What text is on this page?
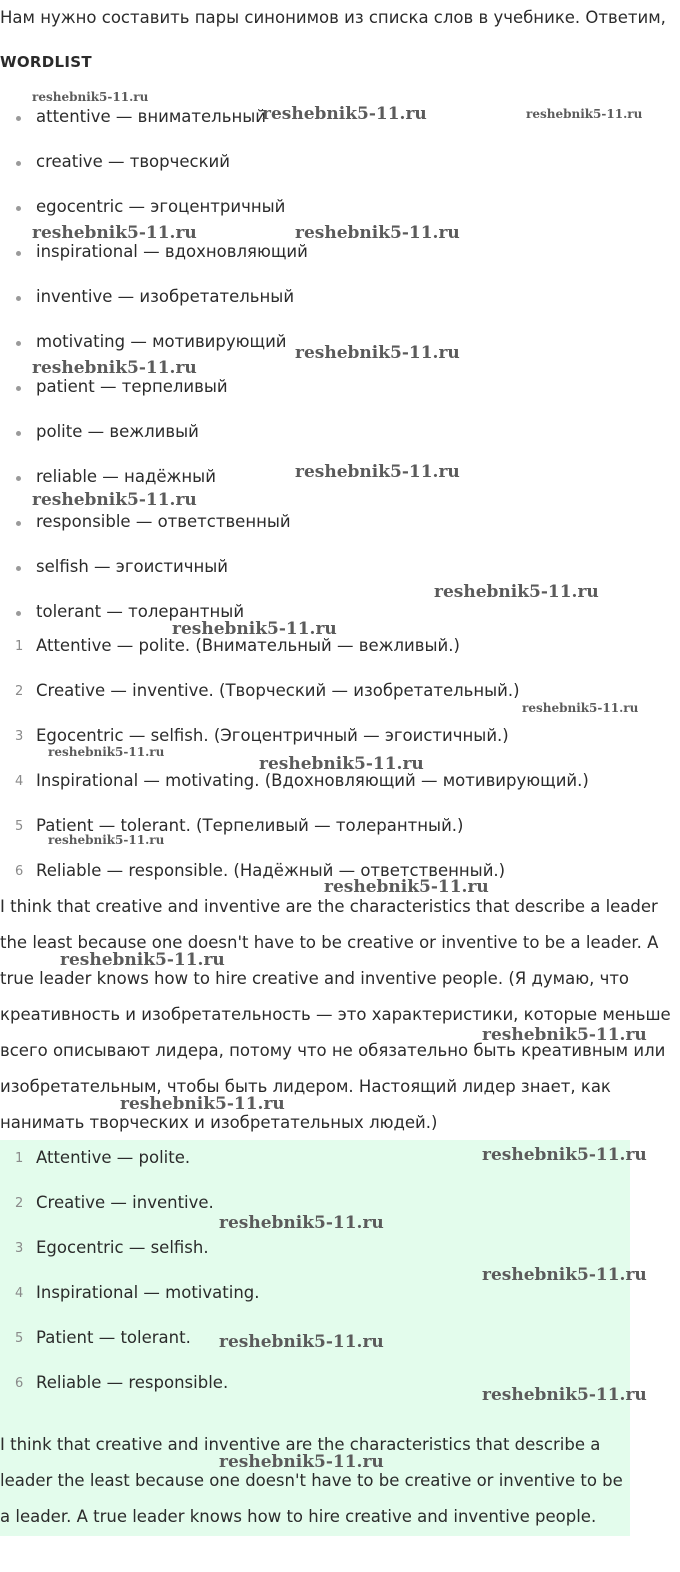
Нам нужно составить пары синонимов из списка слов в учебнике. Ответим,
WORDLIST
attentive — внимательный
creative — творческий
egocentric — эгоцентричный
inspirational — вдохновляющий
inventive — изобретательный
motivating — мотивирующий
patient — терпеливый
polite — вежливый
reliable — надёжный
responsible — ответственный
selfish — эгоистичный
tolerant — толерантный
1 Attentive — polite. (Внимательный — вежливый.)
2 Creative — inventive. (Творческий — изобретательный.)
3 Egocentric — selfish. (Эгоцентричный — эгоистичный.)
4 Inspirational — motivating. (Вдохновляющий — мотивирующий.)
5 Patient — tolerant. (Терпеливый — толерантный.)
6 Reliable — responsible. (Надёжный — ответственный.)
I think that creative and inventive are the characteristics that describe a leader the least because one doesn't have to be creative or inventive to be a leader. A true leader knows how to hire creative and inventive people. (Я думаю, что креативность и изобретательность — это характеристики, которые меньше всего описывают лидера, потому что не обязательно быть креативным или изобретательным, чтобы быть лидером. Настоящий лидер знает, как нанимать творческих и изобретательных людей.)
1 Attentive — polite.
2 Creative — inventive.
3 Egocentric — selfish.
4 Inspirational — motivating.
5 Patient — tolerant.
6 Reliable — responsible.
I think that creative and inventive are the characteristics that describe a leader the least because one doesn't have to be creative or inventive to be a leader. A true leader knows how to hire creative and inventive people.
reshebnik5-11.ru
reshebnik5-11.ru	reshebnik5-11.ru
reshebnik5-11.ru	reshebnik5-11.ru
reshebnik5-11.ru
reshebnik5-11.ru
reshebnik5-11.ru
reshebnik5-11.ru
reshebnik5-11.ru
reshebnik5-11.ru
reshebnik5-11.ru
reshebnik5-11.ru
reshebnik5-11.ru
reshebnik5-11.ru
reshebnik5-11.ru
reshebnik5-11.ru
reshebnik5-11.ru
reshebnik5-11.ru
reshebnik5-11.ru
reshebnik5-11.ru
reshebnik5-11.ru
reshebnik5-11.ru
reshebnik5-11.ru
reshebnik5-11.ru
